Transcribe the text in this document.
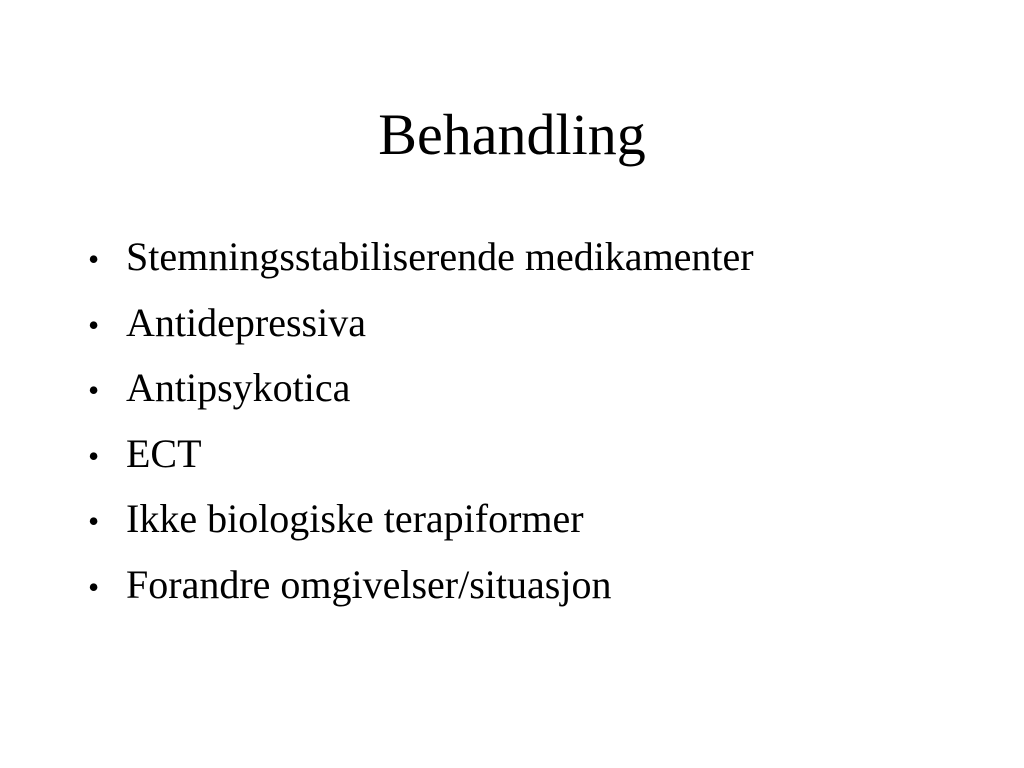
Behandling
• Stemningsstabiliserende medikamenter
• Antidepressiva
• Antipsykotica
• ECT
• Ikke biologiske terapiformer
• Forandre omgivelser/situasjon
